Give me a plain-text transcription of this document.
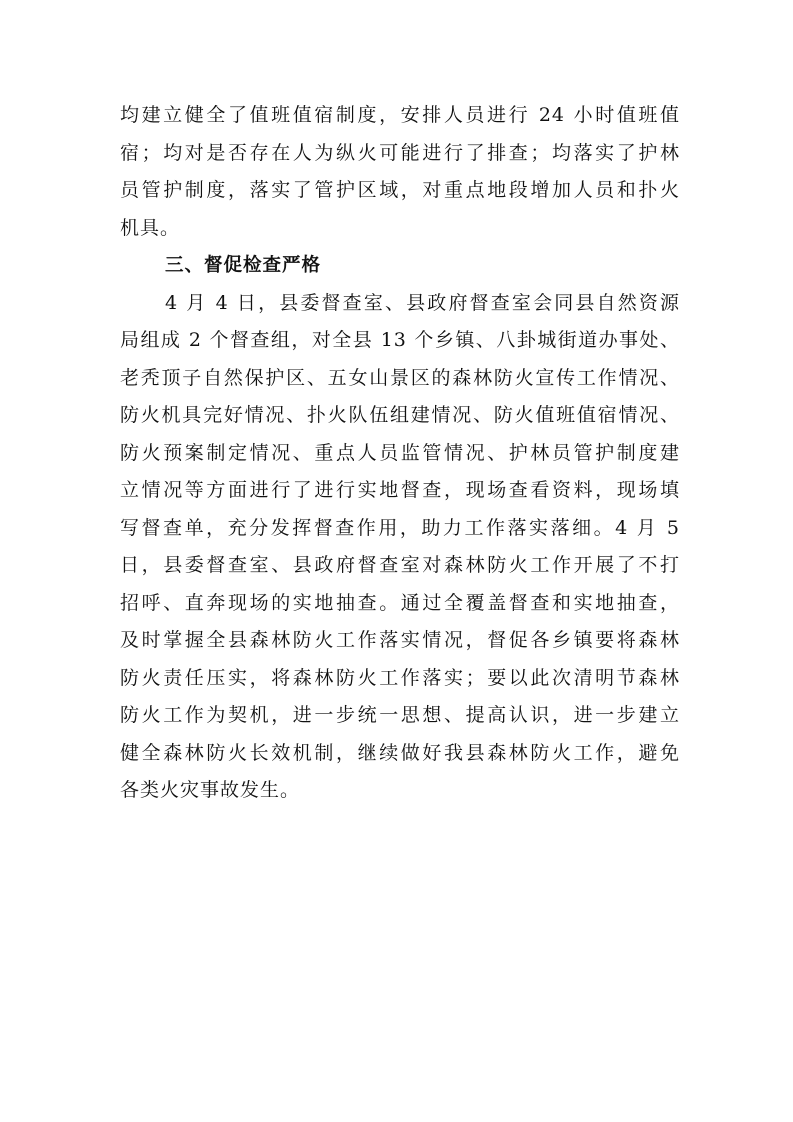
均建立健全了值班值宿制度，安排人员进行 24 小时值班值
宿；均对是否存在人为纵火可能进行了排查；均落实了护林
员管护制度，落实了管护区域，对重点地段增加人员和扑火
机具。
三、督促检查严格
4 月 4 日，县委督查室、县政府督查室会同县自然资源
局组成 2 个督查组，对全县 13 个乡镇、八卦城街道办事处、
老秃顶子自然保护区、五女山景区的森林防火宣传工作情况、
防火机具完好情况、扑火队伍组建情况、防火值班值宿情况、
防火预案制定情况、重点人员监管情况、护林员管护制度建
立情况等方面进行了进行实地督查，现场查看资料，现场填
写督查单，充分发挥督查作用，助力工作落实落细。4 月 5
日，县委督查室、县政府督查室对森林防火工作开展了不打
招呼、直奔现场的实地抽查。通过全覆盖督查和实地抽查，
及时掌握全县森林防火工作落实情况，督促各乡镇要将森林
防火责任压实，将森林防火工作落实；要以此次清明节森林
防火工作为契机，进一步统一思想、提高认识，进一步建立
健全森林防火长效机制，继续做好我县森林防火工作，避免
各类火灾事故发生。
